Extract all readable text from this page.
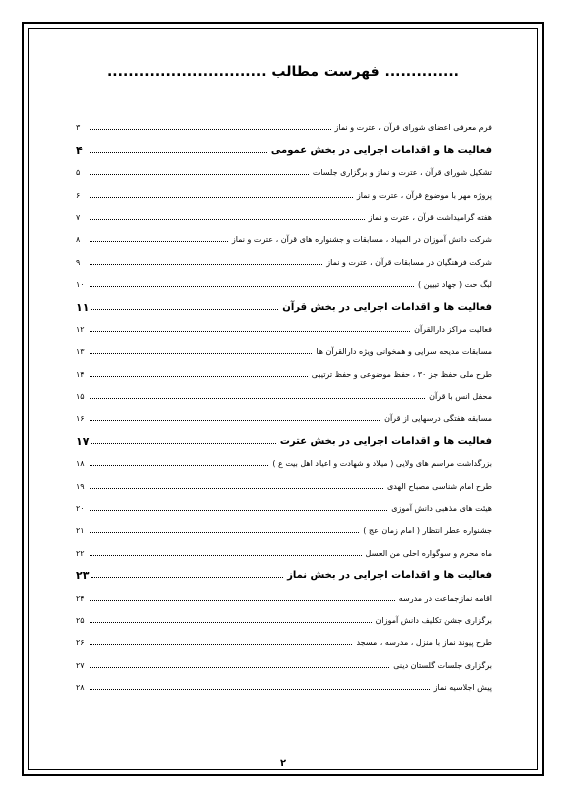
.............. فهرست مطالب ..............................
فرم معرفی اعضای شورای قرآن ، عترت و نماز
۳
فعالیت ها و اقدامات اجرایی در بخش عمومی
۴
تشکیل شورای قرآن ، عترت و نماز و برگزاری جلسات
۵
پروژه مهر با موضوع قرآن ، عترت و نماز
۶
هفته گرامیداشت قرآن ، عترت و نماز
۷
شرکت دانش آموزان در المپیاد ، مسابقات و جشنواره های قرآن ، عترت و نماز
۸
شرکت فرهنگیان در مسابقات قرآن ، عترت و نماز
۹
لبگ حت ( جهاد تبیین )
۱۰
فعالیت ها و اقدامات اجرایی در بخش قرآن
۱۱
فعالیت مراکز دارالقرآن
۱۲
مسابقات مدیحه سرایی و همخوانی ویژه دارالقرآن ها
۱۳
طرح ملی حفظ جز ۳۰ ، حفظ موضوعی و حفظ ترتیبی
۱۴
محفل انس با قرآن
۱۵
مسابقه هفتگی درسهایی از قرآن
۱۶
فعالیت ها و اقدامات اجرایی در بخش عترت
۱۷
بزرگداشت مراسم های ولایی ( میلاد و شهادت و اعیاد اهل بیت ع )
۱۸
طرح امام شناسی مصباح الهدی
۱۹
هیئت های مذهبی دانش آموزی
۲۰
جشنواره عطر انتظار ( امام زمان عج )
۲۱
ماه محرم و سوگواره احلی من العسل
۲۲
فعالیت ها و اقدامات اجرایی در بخش نماز
۲۳
اقامه نمازجماعت در مدرسه
۲۴
برگزاری جشن تکلیف دانش آموزان
۲۵
طرح پیوند نماز با منزل ، مدرسه ، مسجد
۲۶
برگزاری جلسات گلستان دینی
۲۷
پیش اجلاسیه نماز
۲۸
۲
